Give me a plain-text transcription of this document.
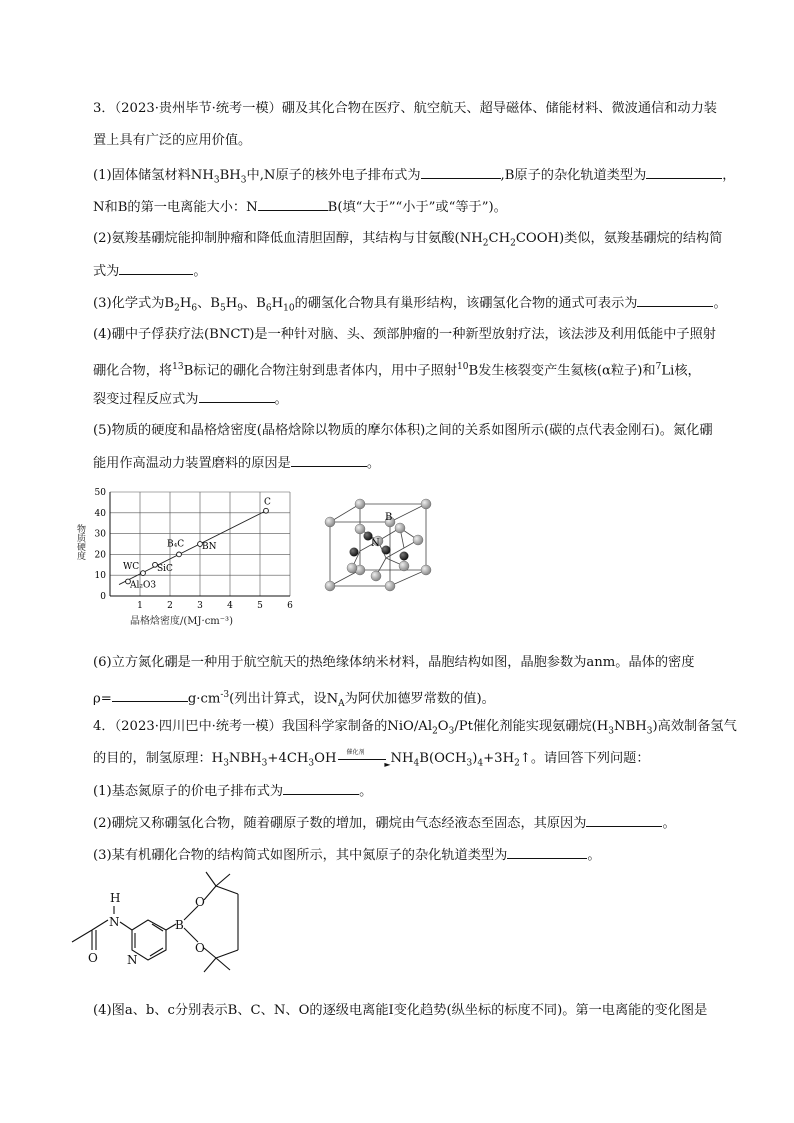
3．（2023·贵州毕节·统考一模）硼及其化合物在医疗、航空航天、超导磁体、储能材料、微波通信和动力装
置上具有广泛的应用价值。
(1)固体储氢材料$NH_3BH_3$中,N原子的核外电子排布式为	,B原子的杂化轨道类型为	，
N和B的第一电离能大小：N	B(填“大于”“小于”或“等于”)。
(2)氨羧基硼烷能抑制肿瘤和降低血清胆固醇，其结构与甘氨酸$(NH_2CH_2COOH)$类似，氨羧基硼烷的结构简
式为	。
(3)化学式为$B_2H_6$、$B_5H_9$、$B_6H_{10}$的硼氢化合物具有巢形结构，该硼氢化合物的通式可表示为	。
(4)硼中子俘获疗法(BNCT)是一种针对脑、头、颈部肿瘤的一种新型放射疗法，该法涉及利用低能中子照射
硼化合物，将$^{13}$B标记的硼化合物注射到患者体内，用中子照射$^{10}$B发生核裂变产生氦核(α粒子)和$^7$Li核，
裂变过程反应式为	。
(5)物质的硬度和晶格焓密度(晶格焓除以物质的摩尔体积)之间的关系如图所示(碳的点代表金刚石)。氮化硼
能用作高温动力装置磨料的原因是	。
0
10
20
30
40
50
1	2	3	4	5	6
Al₂O3
WC SiC
B₄C BN
C
物质硬度
晶格焓密度/(MJ·cm⁻³)
B
N
(6)立方氮化硼是一种用于航空航天的热绝缘体纳米材料，晶胞结构如图，晶胞参数为anm。晶体的密度
ρ=	$g\cdot cm^{-3}$(列出计算式，设$N_A$为阿伏加德罗常数的值)。
4．（2023·四川巴中·统考一模）我国科学家制备的NiO/$Al_2O_3/Pt$催化剂能实现氨硼烷$(H_3NBH_3)$高效制备氢气
的目的，制氢原理：$H_3NBH_3+4CH_3OH$ 催化剂
► $NH_4B(OCH_3)_4+3H_2↑$。请回答下列问题：
(1)基态氮原子的价电子排布式为	。
(2)硼烷又称硼氢化合物，随着硼原子数的增加，硼烷由气态经液态至固态，其原因为	。
(3)某有机硼化合物的结构简式如图所示，其中氮原子的杂化轨道类型为	。
H
N
O
B
O
O
N
(4)图a、b、c分别表示B、C、N、O的逐级电离能I变化趋势(纵坐标的标度不同)。第一电离能的变化图是
